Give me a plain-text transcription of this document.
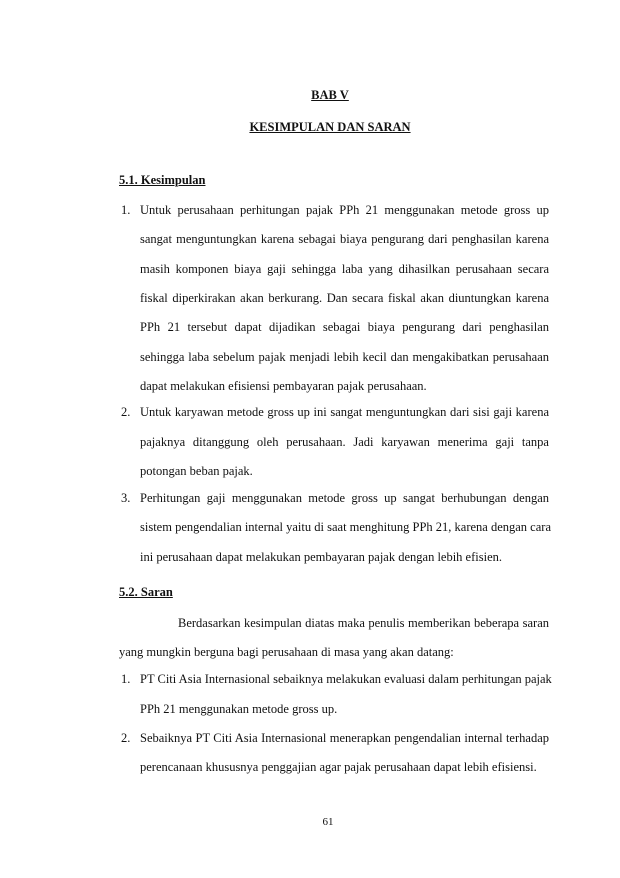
BAB V
KESIMPULAN DAN SARAN
5.1. Kesimpulan
1. Untuk perusahaan perhitungan pajak PPh 21 menggunakan metode gross up
sangat menguntungkan karena sebagai biaya pengurang dari penghasilan karena
masih komponen biaya gaji sehingga laba yang dihasilkan perusahaan secara
fiskal diperkirakan akan berkurang. Dan secara fiskal akan diuntungkan karena
PPh 21 tersebut dapat dijadikan sebagai biaya pengurang dari penghasilan
sehingga laba sebelum pajak menjadi lebih kecil dan mengakibatkan perusahaan
dapat melakukan efisiensi pembayaran pajak perusahaan.
2. Untuk karyawan metode gross up ini sangat menguntungkan dari sisi gaji karena
pajaknya ditanggung oleh perusahaan. Jadi karyawan menerima gaji tanpa
potongan beban pajak.
3. Perhitungan gaji menggunakan metode gross up sangat berhubungan dengan
sistem pengendalian internal yaitu di saat menghitung PPh 21, karena dengan cara
ini perusahaan dapat melakukan pembayaran pajak dengan lebih efisien.
5.2. Saran
Berdasarkan kesimpulan diatas maka penulis memberikan beberapa saran
yang mungkin berguna bagi perusahaan di masa yang akan datang:
1. PT Citi Asia Internasional sebaiknya melakukan evaluasi dalam perhitungan pajak
PPh 21 menggunakan metode gross up.
2. Sebaiknya PT Citi Asia Internasional menerapkan pengendalian internal terhadap
perencanaan khususnya penggajian agar pajak perusahaan dapat lebih efisiensi.
61
